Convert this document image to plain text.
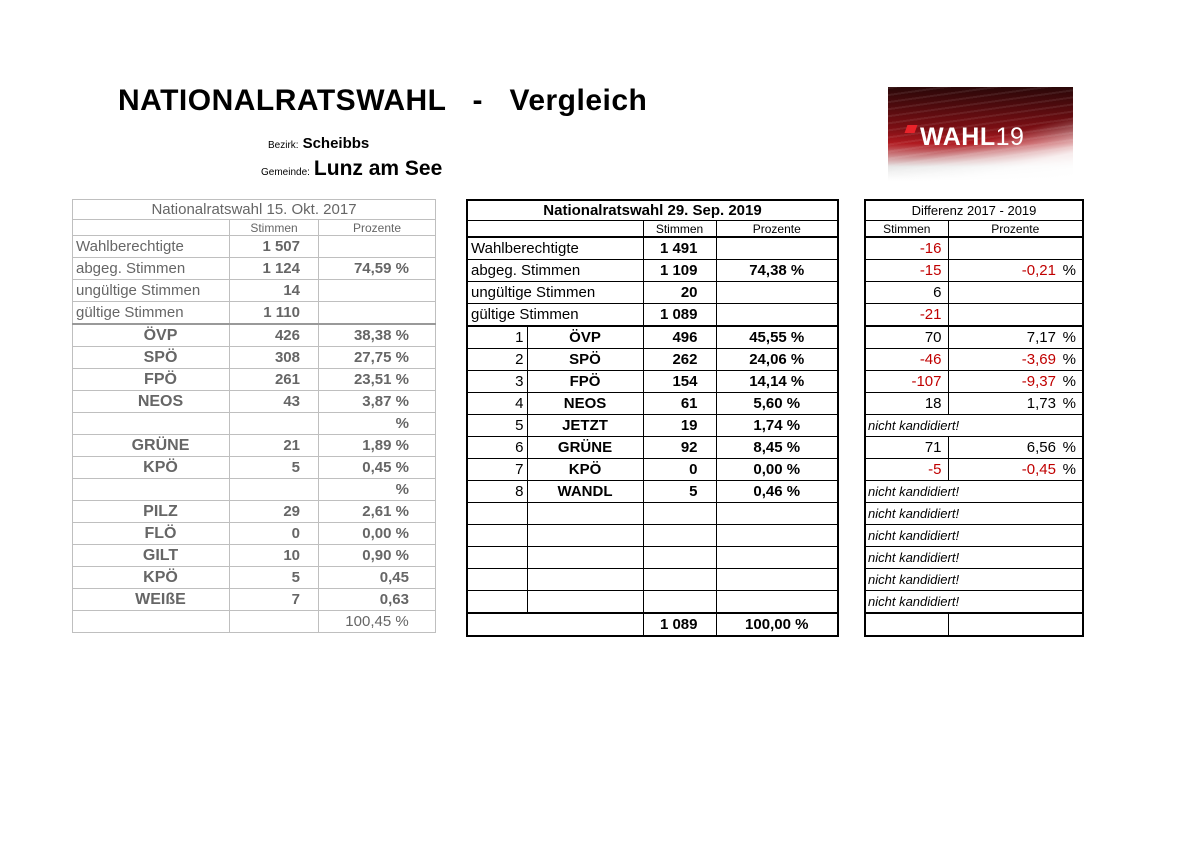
NATIONALRATSWAHL   -   Vergleich
Bezirk: Scheibbs
Gemeinde: Lunz am See
WAHL19
Nationalratswahl 15. Okt. 2017		
	Stimmen	Prozente
Wahlberechtigte	1 507	
abgeg. Stimmen	1 124	74,59 %
ungültige Stimmen	14	
gültige Stimmen	1 110	
ÖVP	426	38,38 %
SPÖ	308	27,75 %
FPÖ	261	23,51 %
NEOS	43	3,87 %
		%
GRÜNE	21	1,89 %
KPÖ	5	0,45 %
		%
PILZ	29	2,61 %
FLÖ	0	0,00 %
GILT	10	0,90 %
KPÖ	5	0,45
WEIßE	7	0,63
		100,45 %
Nationalratswahl 29. Sep. 2019			
		Stimmen	Prozente
Wahlberechtigte		1 491	
abgeg. Stimmen		1 109	74,38 %
ungültige Stimmen		20	
gültige Stimmen		1 089	
1	ÖVP	496	45,55 %
2	SPÖ	262	24,06 %
3	FPÖ	154	14,14 %
4	NEOS	61	5,60 %
5	JETZT	19	1,74 %
6	GRÜNE	92	8,45 %
7	KPÖ	0	0,00 %
8	WANDL	5	0,46 %

		1 089	100,00 %
Differenz 2017 - 2019	
Stimmen	Prozente
-16	
-15	-0,21 %
6	
-21	
70	7,17 %
-46	-3,69 %
-107	-9,37 %
18	1,73 %
nicht kandidiert!	
71	6,56 %
-5	-0,45 %
nicht kandidiert!	
nicht kandidiert!	
nicht kandidiert!	
nicht kandidiert!	
nicht kandidiert!	
nicht kandidiert!	
